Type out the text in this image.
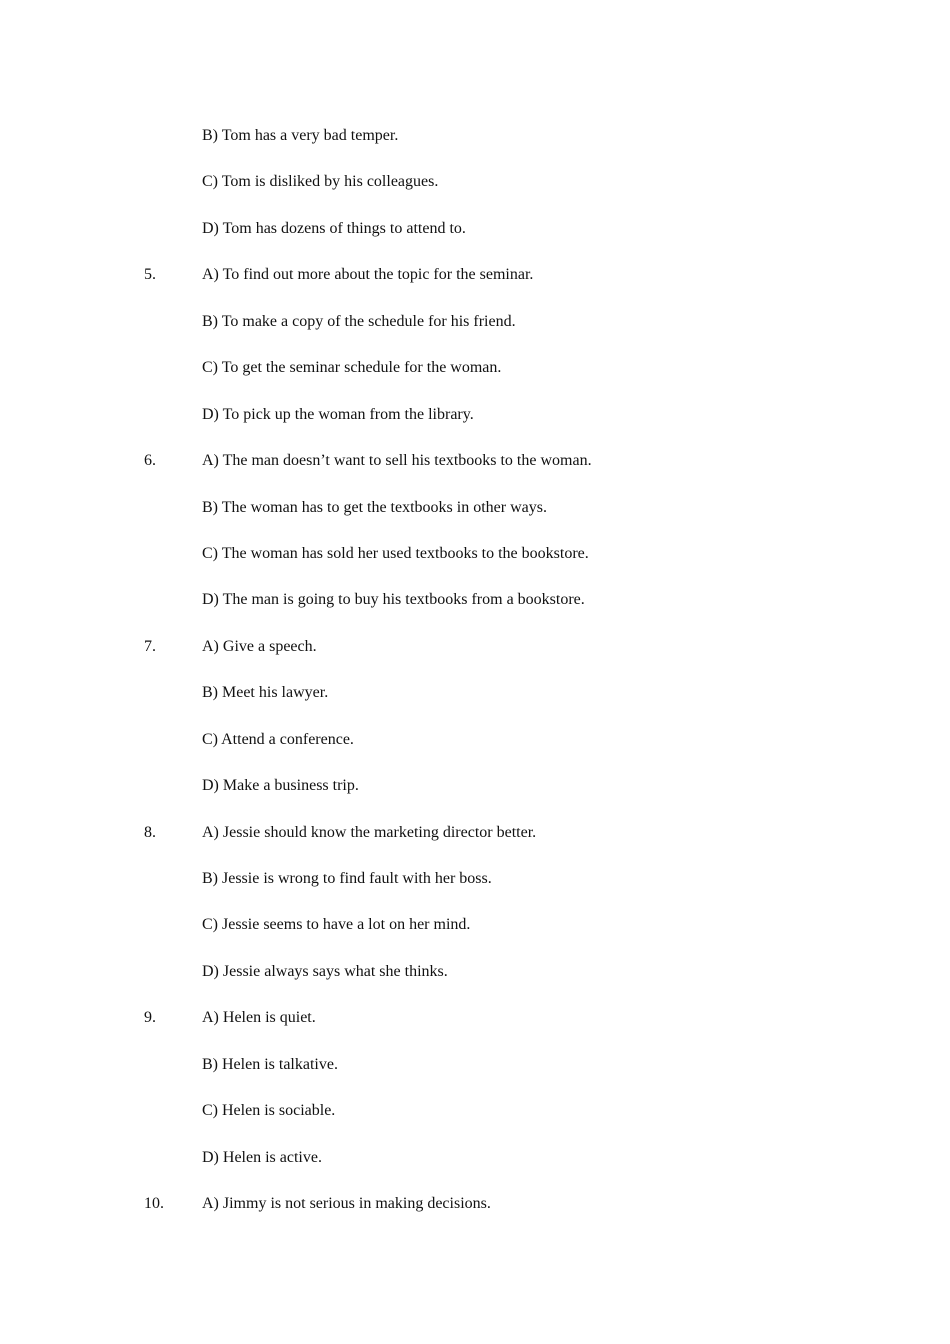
B) Tom has a very bad temper.
C) Tom is disliked by his colleagues.
D) Tom has dozens of things to attend to.
5.	A) To find out more about the topic for the seminar.
B) To make a copy of the schedule for his friend.
C) To get the seminar schedule for the woman.
D) To pick up the woman from the library.
6.	A) The man doesn’t want to sell his textbooks to the woman.
B) The woman has to get the textbooks in other ways.
C) The woman has sold her used textbooks to the bookstore.
D) The man is going to buy his textbooks from a bookstore.
7.	A) Give a speech.
B) Meet his lawyer.
C) Attend a conference.
D) Make a business trip.
8.	A) Jessie should know the marketing director better.
B) Jessie is wrong to find fault with her boss.
C) Jessie seems to have a lot on her mind.
D) Jessie always says what she thinks.
9.	A) Helen is quiet.
B) Helen is talkative.
C) Helen is sociable.
D) Helen is active.
10. A) Jimmy is not serious in making decisions.
